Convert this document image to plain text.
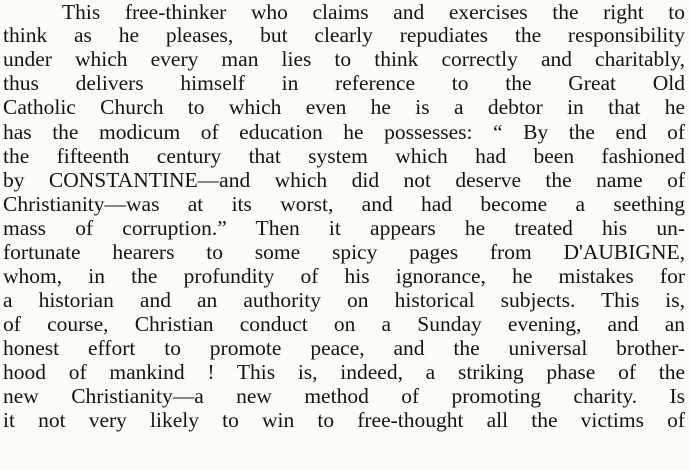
This free-thinker who claims and exercises the right to
think as he pleases, but clearly repudiates the responsibility
under which every man lies to think correctly and charitably,
thus delivers himself in reference to the Great Old
Catholic Church to which even he is a debtor in that he
has the modicum of education he possesses: “ By the end of
the fifteenth century that system which had been fashioned
by CONSTANTINE—and which did not deserve the name of
Christianity—was at its worst, and had become a seething
mass of corruption.” Then it appears he treated his un-
fortunate hearers to some spicy pages from D'AUBIGNE,
whom, in the profundity of his ignorance, he mistakes for
a historian and an authority on historical subjects. This is,
of course, Christian conduct on a Sunday evening, and an
honest effort to promote peace, and the universal brother-
hood of mankind ! This is, indeed, a striking phase of the
new Christianity—a new method of promoting charity. Is
it not very likely to win to free-thought all the victims of
